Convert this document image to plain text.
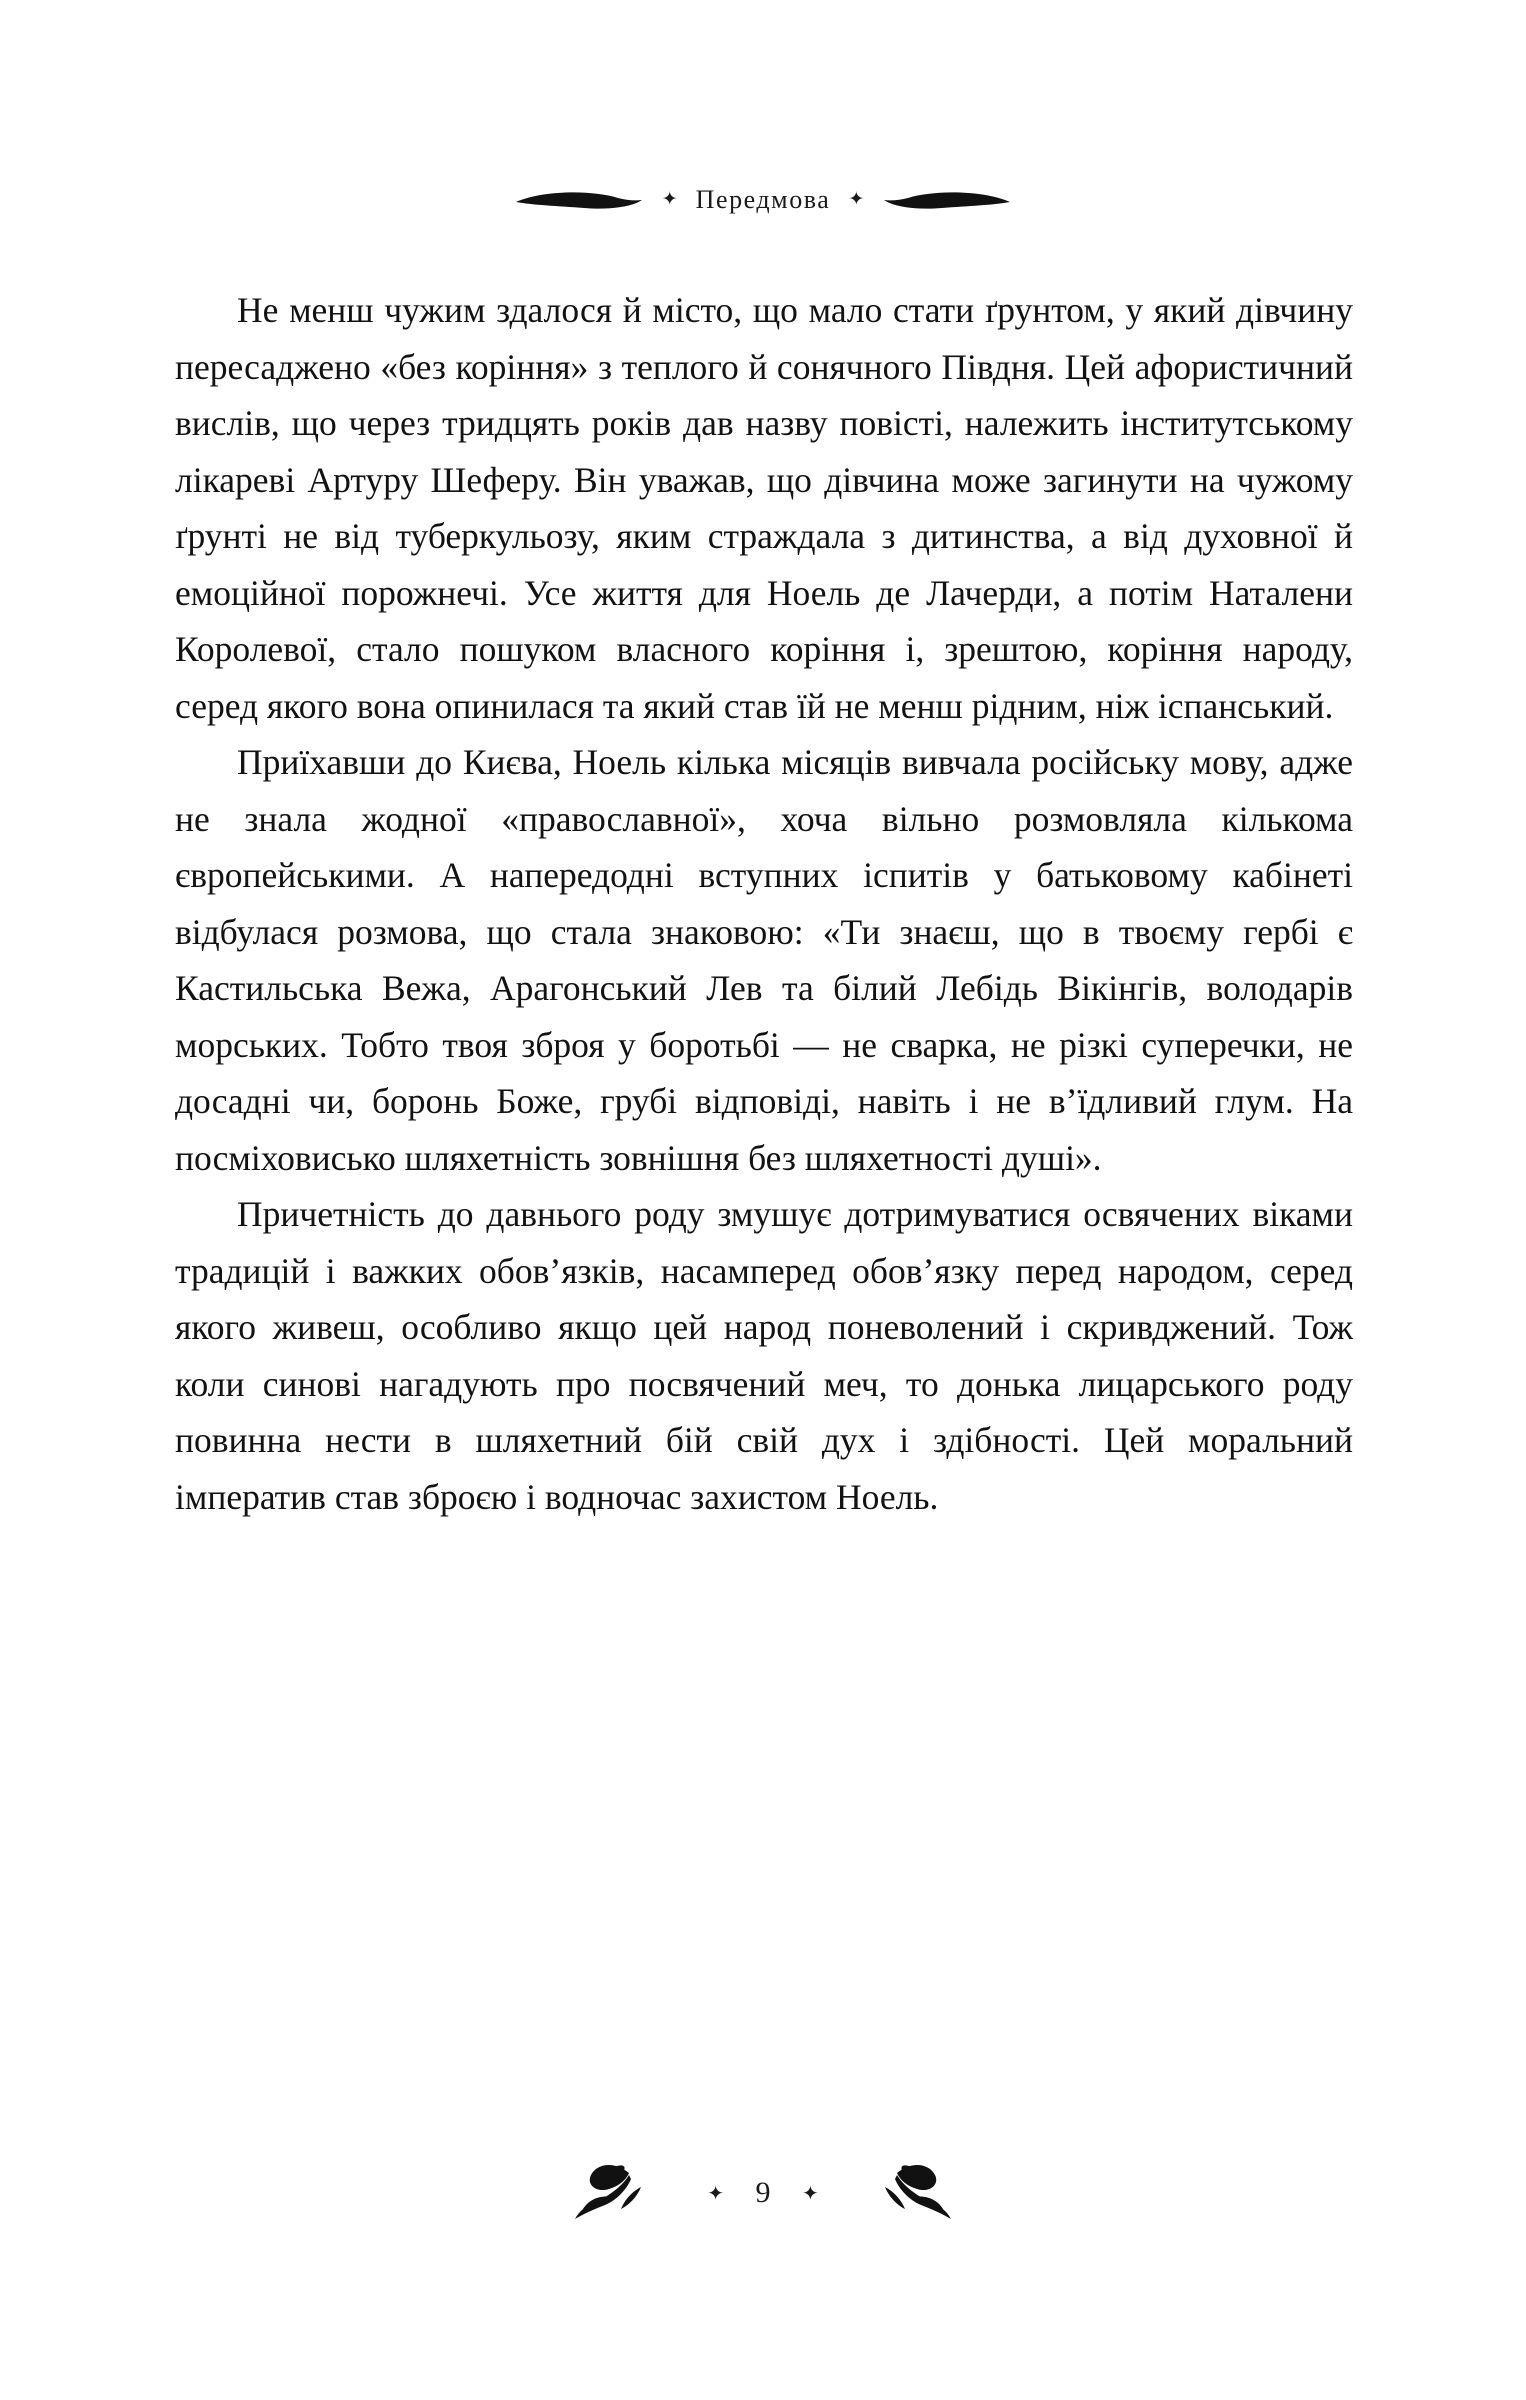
✦ Передмова ✦

Не менш чужим здалося й місто, що мало стати ґрунтом, у який дівчину пересаджено «без коріння» з теплого й сонячного Півдня. Цей афористичний вислів, що через тридцять років дав назву повісті, належить інститутському лікареві Артуру Шеферу. Він уважав, що дівчина може загинути на чужому ґрунті не від туберкульозу, яким страждала з дитинства, а від духовної й емоційної порожнечі. Усе життя для Ноель де Лачерди, а потім Наталени Королевої, стало пошуком власного коріння і, зрештою, коріння народу, серед якого вона опинилася та який став їй не менш рідним, ніж іспанський.

Приїхавши до Києва, Ноель кілька місяців вивчала російську мову, адже не знала жодної «православної», хоча вільно розмовляла кількома європейськими. А напередодні вступних іспитів у батьковому кабінеті відбулася розмова, що стала знаковою: «Ти знаєш, що в твоєму гербі є Кастильська Вежа, Арагонський Лев та білий Лебідь Вікінгів, володарів морських. Тобто твоя зброя у боротьбі — не сварка, не різкі суперечки, не досадні чи, боронь Боже, грубі відповіді, навіть і не в’їдливий глум. На посміховисько шляхетність зовнішня без шляхетності душі».

Причетність до давнього роду змушує дотримуватися освячених віками традицій і важких обов’язків, насамперед обов’язку перед народом, серед якого живеш, особливо якщо цей народ поневолений і скривджений. Тож коли синові нагадують про посвячений меч, то донька лицарського роду повинна нести в шляхетний бій свій дух і здібності. Цей моральний імператив став зброєю і водночас захистом Ноель.

✦ 9 ✦
